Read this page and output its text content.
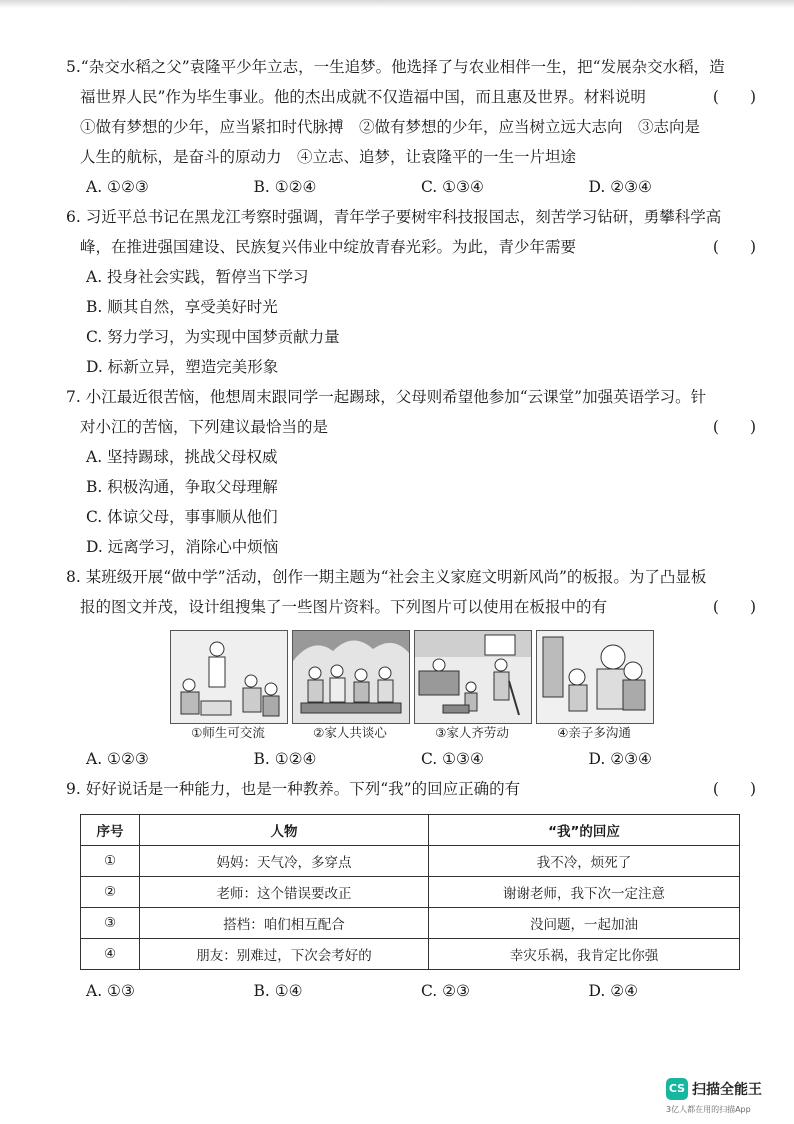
5.“杂交水稻之父”袁隆平少年立志，一生追梦。他选择了与农业相伴一生，把“发展杂交水稻，造
福世界人民”作为毕生事业。他的杰出成就不仅造福中国，而且惠及世界。材料说明	(　　)
①做有梦想的少年，应当紧扣时代脉搏　②做有梦想的少年，应当树立远大志向　③志向是
人生的航标，是奋斗的原动力　④立志、追梦，让袁隆平的一生一片坦途
A. ①②③	B. ①②④	C. ①③④	D. ②③④
6. 习近平总书记在黑龙江考察时强调，青年学子要树牢科技报国志，刻苦学习钻研，勇攀科学高
峰，在推进强国建设、民族复兴伟业中绽放青春光彩。为此，青少年需要	(　　)
A. 投身社会实践，暂停当下学习
B. 顺其自然，享受美好时光
C. 努力学习，为实现中国梦贡献力量
D. 标新立异，塑造完美形象
7. 小江最近很苦恼，他想周末跟同学一起踢球，父母则希望他参加“云课堂”加强英语学习。针
对小江的苦恼，下列建议最恰当的是	(　　)
A. 坚持踢球，挑战父母权威
B. 积极沟通，争取父母理解
C. 体谅父母，事事顺从他们
D. 远离学习，消除心中烦恼
8. 某班级开展“做中学”活动，创作一期主题为“社会主义家庭文明新风尚”的板报。为了凸显板
报的图文并茂，设计组搜集了一些图片资料。下列图片可以使用在板报中的有	(　　)
①师生可交流	②家人共谈心	③家人齐劳动	④亲子多沟通
A. ①②③	B. ①②④	C. ①③④	D. ②③④
9. 好好说话是一种能力，也是一种教养。下列“我”的回应正确的有	(　　)
序号	人物	“我”的回应
①	妈妈：天气冷，多穿点	我不冷，烦死了
②	老师：这个错误要改正	谢谢老师，我下次一定注意
③	搭档：咱们相互配合	没问题，一起加油
④	朋友：别难过，下次会考好的	幸灾乐祸，我肯定比你强
A. ①③	B. ①④	C. ②③	D. ②④
CS 扫描全能王
3亿人都在用的扫描App
